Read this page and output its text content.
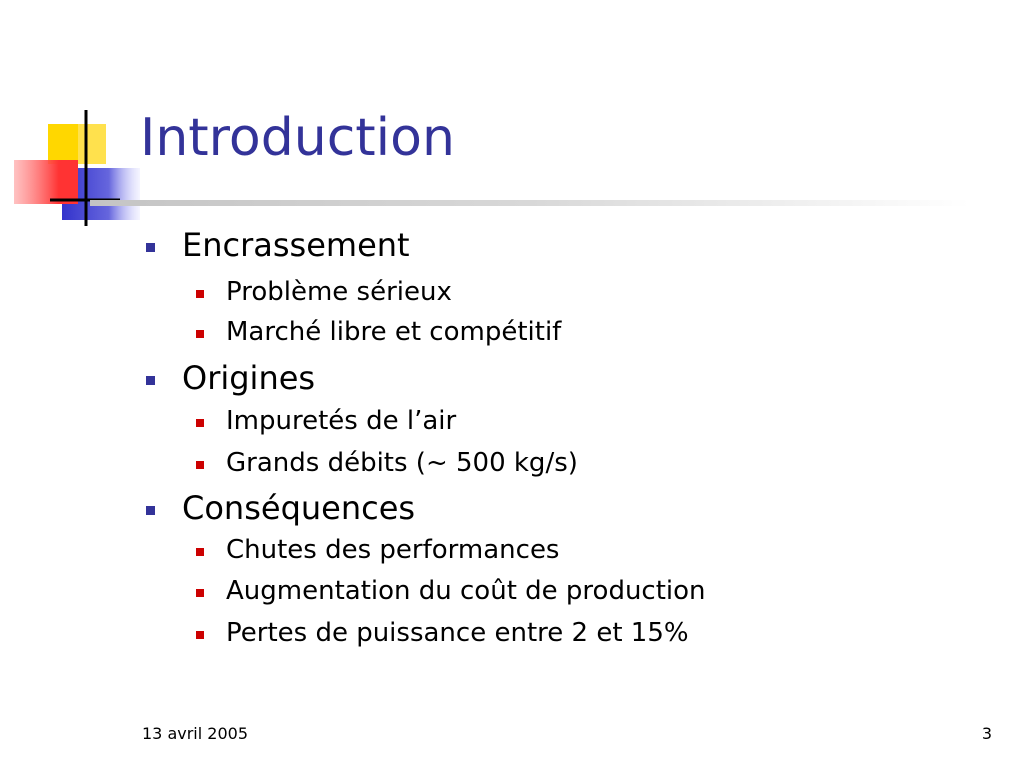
Introduction
Encrassement
Problème sérieux
Marché libre et compétitif
Origines
Impuretés de l’air
Grands débits (~ 500 kg/s)
Conséquences
Chutes des performances
Augmentation du coût de production
Pertes de puissance entre 2 et 15%
13 avril 2005	3
